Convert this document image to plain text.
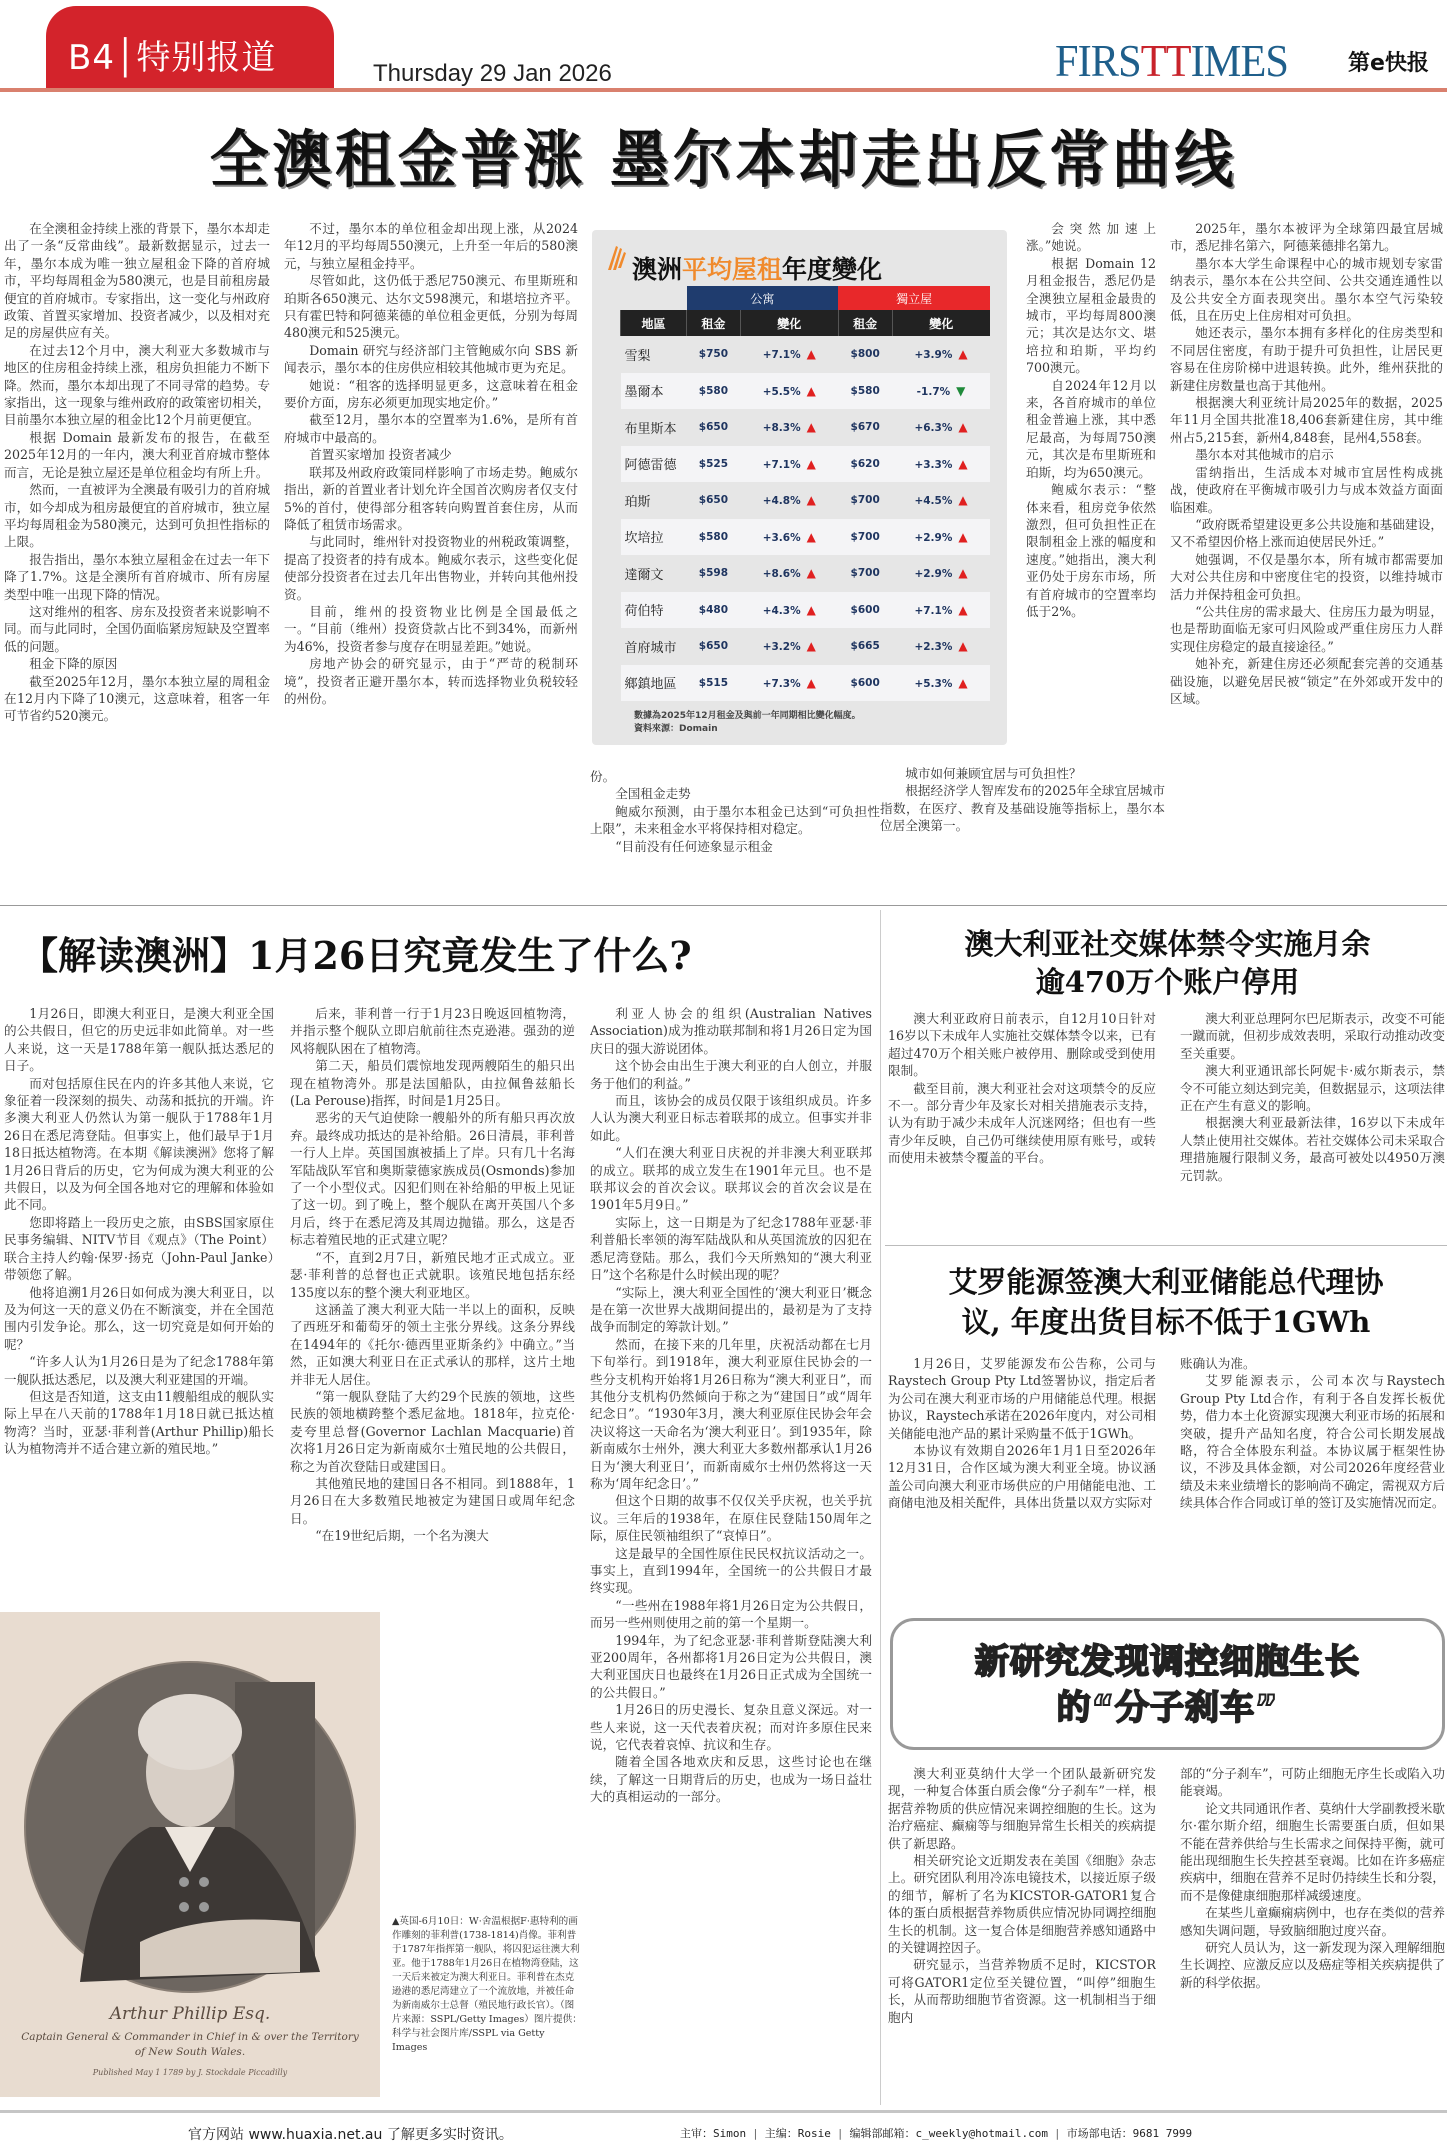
B4│特别报道	Thursday 29 Jan 2026	FIRSTTIMES	第e快报
全澳租金普涨 墨尔本却走出反常曲线

在全澳租金持续上涨的背景下，墨尔本却走出了一条“反常曲线”。最新数据显示，过去一年，墨尔本成为唯一独立屋租金下降的首府城市，平均每周租金为580澳元，也是目前租房最便宜的首府城市。专家指出，这一变化与州政府政策、首置买家增加、投资者减少，以及相对充足的房屋供应有关。

在过去12个月中，澳大利亚大多数城市与地区的住房租金持续上涨，租房负担能力不断下降。然而，墨尔本却出现了不同寻常的趋势。专家指出，这一现象与维州政府的政策密切相关，目前墨尔本独立屋的租金比12个月前更便宜。

根据 Domain 最新发布的报告，在截至2025年12月的一年内，澳大利亚首府城市整体而言，无论是独立屋还是单位租金均有所上升。

然而，一直被评为全澳最有吸引力的首府城市，如今却成为租房最便宜的首府城市，独立屋平均每周租金为580澳元，达到可负担性指标的上限。

报告指出，墨尔本独立屋租金在过去一年下降了1.7%。这是全澳所有首府城市、所有房屋类型中唯一出现下降的情况。

这对维州的租客、房东及投资者来说影响不同。而与此同时，全国仍面临紧房短缺及空置率低的问题。

租金下降的原因

截至2025年12月，墨尔本独立屋的周租金在12月内下降了10澳元，这意味着，租客一年可节省约520澳元。

不过，墨尔本的单位租金却出现上涨，从2024年12月的平均每周550澳元，上升至一年后的580澳元，与独立屋租金持平。

尽管如此，这仍低于悉尼750澳元、布里斯班和珀斯各650澳元、达尔文598澳元，和堪培拉齐平。只有霍巴特和阿德莱德的单位租金更低，分别为每周480澳元和525澳元。

Domain 研究与经济部门主管鲍威尔向 SBS 新闻表示，墨尔本的住房供应相较其他城市更为充足。

她说：“租客的选择明显更多，这意味着在租金要价方面，房东必须更加现实地定价。”

截至12月，墨尔本的空置率为1.6%，是所有首府城市中最高的。

首置买家增加 投资者减少

联邦及州政府政策同样影响了市场走势。鲍威尔指出，新的首置业者计划允许全国首次购房者仅支付5%的首付，使得部分租客转向购置首套住房，从而降低了租赁市场需求。

与此同时，维州针对投资物业的州税政策调整，提高了投资者的持有成本。鲍威尔表示，这些变化促使部分投资者在过去几年出售物业，并转向其他州投资。

目前，维州的投资物业比例是全国最低之一。“目前（维州）投资贷款占比不到34%，而新州为46%，投资者参与度存在明显差距。”她说。

房地产协会的研究显示，由于“严苛的税制环境”，投资者正避开墨尔本，转而选择物业负税较轻的州份。

份。

全国租金走势

鲍威尔预测，由于墨尔本租金已达到“可负担性上限”，未来租金水平将保持相对稳定。

“目前没有任何迹象显示租金

会突然加速上涨。”她说。

根据 Domain 12月租金报告，悉尼仍是全澳独立屋租金最贵的城市，平均每周800澳元；其次是达尔文、堪培拉和珀斯，平均约700澳元。

自2024年12月以来，各首府城市的单位租金普遍上涨，其中悉尼最高，为每周750澳元，其次是布里斯班和珀斯，均为650澳元。

鲍威尔表示：“整体来看，租房竞争依然激烈，但可负担性正在限制租金上涨的幅度和速度。”她指出，澳大利亚仍处于房东市场，所有首府城市的空置率均低于2%。

城市如何兼顾宜居与可负担性？

根据经济学人智库发布的2025年全球宜居城市指数，在医疗、教育及基础设施等指标上，墨尔本位居全澳第一。

2025年，墨尔本被评为全球第四最宜居城市，悉尼排名第六，阿德莱德排名第九。

墨尔本大学生命课程中心的城市规划专家雷纳表示，墨尔本在公共空间、公共交通连通性以及公共安全方面表现突出。墨尔本空气污染较低，且在历史上住房相对可负担。

她还表示，墨尔本拥有多样化的住房类型和不同居住密度，有助于提升可负担性，让居民更容易在住房阶梯中进退转换。此外，维州获批的新建住房数量也高于其他州。

根据澳大利亚统计局2025年的数据，2025年11月全国共批准18,406套新建住房，其中维州占5,215套，新州4,848套，昆州4,558套。

墨尔本对其他城市的启示

雷纳指出，生活成本对城市宜居性构成挑战，使政府在平衡城市吸引力与成本效益方面面临困难。

“政府既希望建设更多公共设施和基础建设，又不希望因价格上涨而迫使居民外迁。”

她强调，不仅是墨尔本，所有城市都需要加大对公共住房和中密度住宅的投资，以维持城市活力并保持租金可负担。

“公共住房的需求最大、住房压力最为明显，也是帮助面临无家可归风险或严重住房压力人群实现住房稳定的最直接途径。”

她补充，新建住房还必须配套完善的交通基础设施，以避免居民被“锁定”在外郊或开发中的区域。

澳洲平均屋租年度變化
	公寓		獨立屋	
地區	租金	變化	租金	變化
雪梨	$750	+7.1% ▲	$800	+3.9% ▲
墨爾本	$580	+5.5% ▲	$580	-1.7% ▼
布里斯本	$650	+8.3% ▲	$670	+6.3% ▲
阿德雷德	$525	+7.1% ▲	$620	+3.3% ▲
珀斯	$650	+4.8% ▲	$700	+4.5% ▲
坎培拉	$580	+3.6% ▲	$700	+2.9% ▲
達爾文	$598	+8.6% ▲	$700	+2.9% ▲
荷伯特	$480	+4.3% ▲	$600	+7.1% ▲
首府城市	$650	+3.2% ▲	$665	+2.3% ▲
鄉鎮地區	$515	+7.3% ▲	$600	+5.3% ▲
數據為2025年12月租金及與前一年同期相比變化幅度。
資料來源：Domain
【解读澳洲】1月26日究竟发生了什么?

1月26日，即澳大利亚日，是澳大利亚全国的公共假日，但它的历史远非如此简单。对一些人来说，这一天是1788年第一舰队抵达悉尼的日子。

而对包括原住民在内的许多其他人来说，它象征着一段深刻的损失、动荡和抵抗的开端。许多澳大利亚人仍然认为第一舰队于1788年1月26日在悉尼湾登陆。但事实上，他们最早于1月18日抵达植物湾。在本期《解读澳洲》您将了解1月26日背后的历史，它为何成为澳大利亚的公共假日，以及为何全国各地对它的理解和体验如此不同。

您即将踏上一段历史之旅，由SBS国家原住民事务编辑、NITV节目《观点》（The Point）联合主持人约翰·保罗·扬克（John-Paul Janke）带领您了解。

他将追溯1月26日如何成为澳大利亚日，以及为何这一天的意义仍在不断演变，并在全国范围内引发争论。那么，这一切究竟是如何开始的呢？

“许多人认为1月26日是为了纪念1788年第一舰队抵达悉尼，以及澳大利亚建国的开端。

但这是否知道，这支由11艘船组成的舰队实际上早在八天前的1788年1月18日就已抵达植物湾？当时，亚瑟·菲利普(Arthur Phillip)船长认为植物湾并不适合建立新的殖民地。”

后来，菲利普一行于1月23日晚返回植物湾，并指示整个舰队立即启航前往杰克逊港。强劲的逆风将舰队困在了植物湾。

第二天，船员们震惊地发现两艘陌生的船只出现在植物湾外。那是法国船队，由拉佩鲁兹船长(La Perouse)指挥，时间是1月25日。

恶劣的天气迫使除一艘船外的所有船只再次放弃。最终成功抵达的是补给船。26日清晨，菲利普一行人上岸。英国国旗被插上了岸。只有几十名海军陆战队军官和奥斯蒙德家族成员(Osmonds)参加了一个小型仪式。囚犯们则在补给船的甲板上见证了这一切。到了晚上，整个舰队在离开英国八个多月后，终于在悉尼湾及其周边抛锚。那么，这是否标志着殖民地的正式建立呢？

“不，直到2月7日，新殖民地才正式成立。亚瑟·菲利普的总督也正式就职。该殖民地包括东经135度以东的整个澳大利亚地区。

这涵盖了澳大利亚大陆一半以上的面积，反映了西班牙和葡萄牙的领土主张分界线。这条分界线在1494年的《托尔·德西里亚斯条约》中确立。”当然，正如澳大利亚日在正式承认的那样，这片土地并非无人居住。

“第一舰队登陆了大约29个民族的领地，这些民族的领地横跨整个悉尼盆地。1818年，拉克伦·麦夸里总督(Governor Lachlan Macquarie)首次将1月26日定为新南威尔士殖民地的公共假日，称之为首次登陆日或建国日。

其他殖民地的建国日各不相同。到1888年，1月26日在大多数殖民地被定为建国日或周年纪念日。

“在19世纪后期，一个名为澳大

利亚人协会的组织(Australian Natives Association)成为推动联邦制和将1月26日定为国庆日的强大游说团体。

这个协会由出生于澳大利亚的白人创立，并服务于他们的利益。”

而且，该协会的成员仅限于该组织成员。许多人认为澳大利亚日标志着联邦的成立。但事实并非如此。

“人们在澳大利亚日庆祝的并非澳大利亚联邦的成立。联邦的成立发生在1901年元旦。也不是联邦议会的首次会议。联邦议会的首次会议是在1901年5月9日。”

实际上，这一日期是为了纪念1788年亚瑟·菲利普船长率领的海军陆战队和从英国流放的囚犯在悉尼湾登陆。那么，我们今天所熟知的“澳大利亚日”这个名称是什么时候出现的呢？

“实际上，澳大利亚全国性的‘澳大利亚日’概念是在第一次世界大战期间提出的，最初是为了支持战争而制定的筹款计划。”

然而，在接下来的几年里，庆祝活动都在七月下旬举行。到1918年，澳大利亚原住民协会的一些分支机构开始将1月26日称为“澳大利亚日”，而其他分支机构仍然倾向于称之为“建国日”或“周年纪念日”。“1930年3月，澳大利亚原住民协会年会决议将这一天命名为‘澳大利亚日’。到1935年，除新南威尔士州外，澳大利亚大多数州都承认1月26日为‘澳大利亚日’，而新南威尔士州仍然将这一天称为‘周年纪念日’。”

但这个日期的故事不仅仅关乎庆祝，也关乎抗议。三年后的1938年，在原住民登陆150周年之际，原住民领袖组织了“哀悼日”。

这是最早的全国性原住民民权抗议活动之一。事实上，直到1994年，全国统一的公共假日才最终实现。

“一些州在1988年将1月26日定为公共假日，而另一些州则使用之前的第一个星期一。

1994年，为了纪念亚瑟·菲利普斯登陆澳大利亚200周年，各州都将1月26日定为公共假日，澳大利亚国庆日也最终在1月26日正式成为全国统一的公共假日。”

1月26日的历史漫长、复杂且意义深远。对一些人来说，这一天代表着庆祝；而对许多原住民来说，它代表着哀悼、抗议和生存。

随着全国各地欢庆和反思，这些讨论也在继续，了解这一日期背后的历史，也成为一场日益壮大的真相运动的一部分。

Arthur Phillip Esq.
Captain General & Commander in Chief in & over the Territory of New South Wales.
Published May 1 1789 by J. Stockdale Piccadilly
▲英国-6月10日：W·舍温根据F·惠特利的画作雕刻的菲利普(1738-1814)肖像。菲利普于1787年指挥第一舰队，将囚犯运往澳大利亚。他于1788年1月26日在植物湾登陆，这一天后来被定为澳大利亚日。菲利普在杰克逊港的悉尼湾建立了一个流放地，并被任命为新南威尔士总督（殖民地行政长官）。（图片来源：SSPL/Getty Images）图片提供：科学与社会图片库/SSPL via Getty Images
澳大利亚社交媒体禁令实施月余
逾470万个账户停用

澳大利亚政府日前表示，自12月10日针对16岁以下未成年人实施社交媒体禁令以来，已有超过470万个相关账户被停用、删除或受到使用限制。

截至目前，澳大利亚社会对这项禁令的反应不一。部分青少年及家长对相关措施表示支持，认为有助于减少未成年人沉迷网络；但也有一些青少年反映，自己仍可继续使用原有账号，或转而使用未被禁令覆盖的平台。

澳大利亚总理阿尔巴尼斯表示，改变不可能一蹴而就，但初步成效表明，采取行动推动改变至关重要。

澳大利亚通讯部长阿妮卡·威尔斯表示，禁令不可能立刻达到完美，但数据显示，这项法律正在产生有意义的影响。

根据澳大利亚最新法律，16岁以下未成年人禁止使用社交媒体。若社交媒体公司未采取合理措施履行限制义务，最高可被处以4950万澳元罚款。

艾罗能源签澳大利亚储能总代理协
议, 年度出货目标不低于1GWh

1月26日，艾罗能源发布公告称，公司与Raystech Group Pty Ltd签署协议，指定后者为公司在澳大利亚市场的户用储能总代理。根据协议，Raystech承诺在2026年度内，对公司相关储能电池产品的累计采购量不低于1GWh。

本协议有效期自2026年1月1日至2026年12月31日，合作区域为澳大利亚全境。协议涵盖公司向澳大利亚市场供应的户用储能电池、工商储电池及相关配件，具体出货量以双方实际对

账确认为准。

艾罗能源表示，公司本次与Raystech Group Pty Ltd合作，有利于各自发挥长板优势，借力本土化资源实现澳大利亚市场的拓展和突破，提升产品知名度，符合公司长期发展战略，符合全体股东利益。本协议属于框架性协议，不涉及具体金额，对公司2026年度经营业绩及未来业绩增长的影响尚不确定，需视双方后续具体合作合同或订单的签订及实施情况而定。

新研究发现调控细胞生长
的“分子刹车”

澳大利亚莫纳什大学一个团队最新研究发现，一种复合体蛋白质会像“分子刹车”一样，根据营养物质的供应情况来调控细胞的生长。这为治疗癌症、癫痫等与细胞异常生长相关的疾病提供了新思路。

相关研究论文近期发表在美国《细胞》杂志上。研究团队利用冷冻电镜技术，以接近原子级的细节，解析了名为KICSTOR-GATOR1复合体的蛋白质根据营养物质供应情况协同调控细胞生长的机制。这一复合体是细胞营养感知通路中的关键调控因子。

研究显示，当营养物质不足时，KICSTOR可将GATOR1定位至关键位置，“叫停”细胞生长，从而帮助细胞节省资源。这一机制相当于细胞内

部的“分子刹车”，可防止细胞无序生长或陷入功能衰竭。

论文共同通讯作者、莫纳什大学副教授米歇尔·霍尔斯介绍，细胞生长需要蛋白质，但如果不能在营养供给与生长需求之间保持平衡，就可能出现细胞生长失控甚至衰竭。比如在许多癌症疾病中，细胞在营养不足时仍持续生长和分裂，而不是像健康细胞那样减缓速度。

在某些儿童癫痫病例中，也存在类似的营养感知失调问题，导致脑细胞过度兴奋。

研究人员认为，这一新发现为深入理解细胞生长调控、应激反应以及癌症等相关疾病提供了新的科学依据。

官方网站 www.huaxia.net.au 了解更多实时资讯。	主审：Simon | 主编：Rosie | 编辑部邮箱：c_weekly@hotmail.com | 市场部电话：9681 7999
